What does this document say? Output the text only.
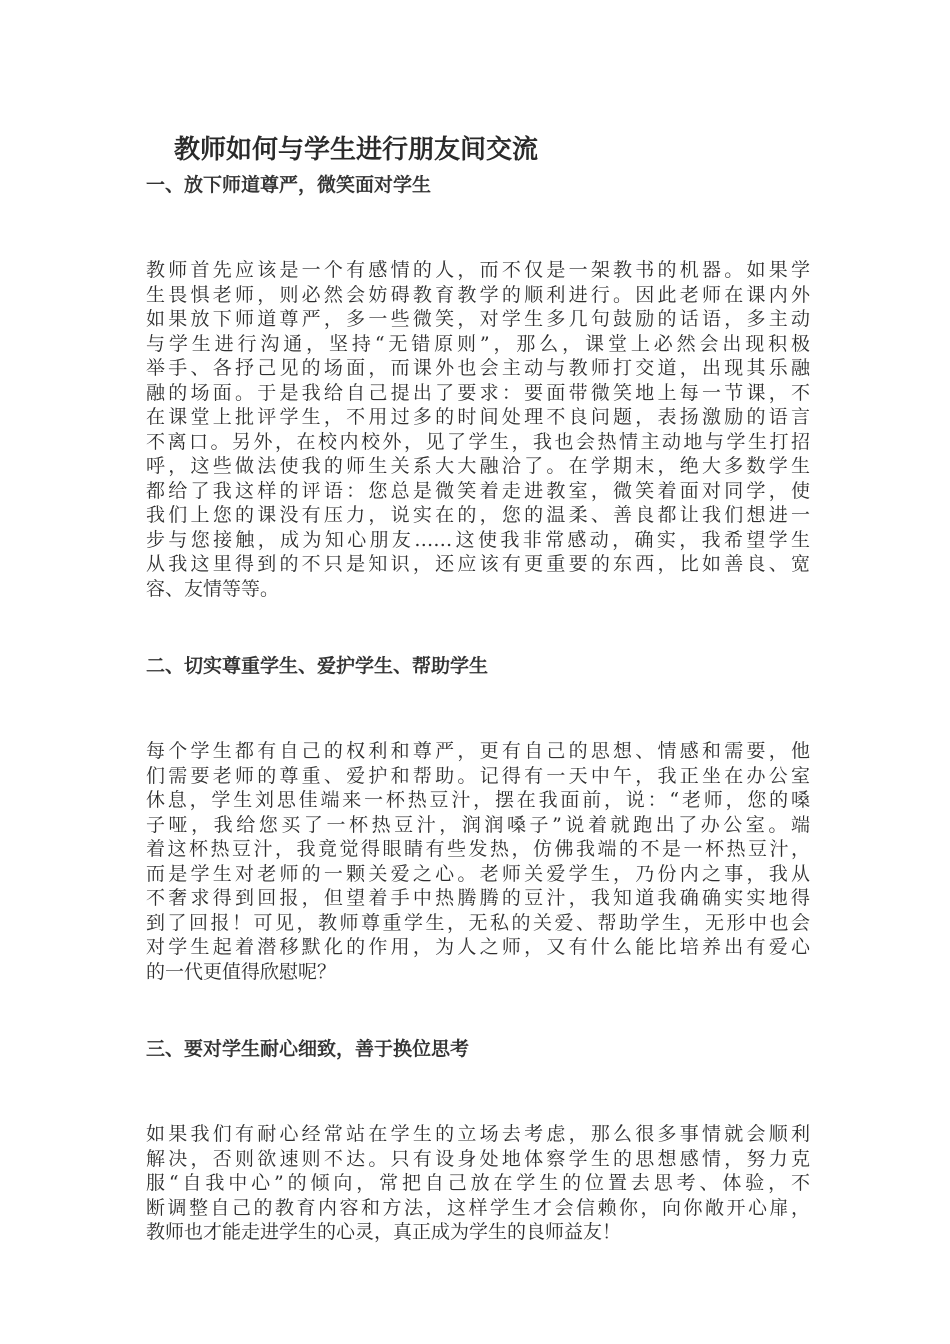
教师如何与学生进行朋友间交流
一、放下师道尊严，微笑面对学生
教师首先应该是一个有感情的人，而不仅是一架教书的机器。如果学
生畏惧老师，则必然会妨碍教育教学的顺利进行。因此老师在课内外
如果放下师道尊严，多一些微笑，对学生多几句鼓励的话语，多主动
与学生进行沟通，坚持“无错原则”，那么，课堂上必然会出现积极
举手、各抒己见的场面，而课外也会主动与教师打交道，出现其乐融
融的场面。于是我给自己提出了要求：要面带微笑地上每一节课，不
在课堂上批评学生，不用过多的时间处理不良问题，表扬激励的语言
不离口。另外，在校内校外，见了学生，我也会热情主动地与学生打招
呼，这些做法使我的师生关系大大融洽了。在学期末，绝大多数学生
都给了我这样的评语：您总是微笑着走进教室，微笑着面对同学，使
我们上您的课没有压力，说实在的，您的温柔、善良都让我们想进一
步与您接触，成为知心朋友……这使我非常感动，确实，我希望学生
从我这里得到的不只是知识，还应该有更重要的东西，比如善良、宽
容、友情等等。
二、切实尊重学生、爱护学生、帮助学生
每个学生都有自己的权利和尊严，更有自己的思想、情感和需要，他
们需要老师的尊重、爱护和帮助。记得有一天中午，我正坐在办公室
休息，学生刘思佳端来一杯热豆汁，摆在我面前，说：“老师，您的嗓
子哑，我给您买了一杯热豆汁，润润嗓子”说着就跑出了办公室。端
着这杯热豆汁，我竟觉得眼睛有些发热，仿佛我端的不是一杯热豆汁，
而是学生对老师的一颗关爱之心。老师关爱学生，乃份内之事，我从
不奢求得到回报，但望着手中热腾腾的豆汁，我知道我确确实实地得
到了回报！可见，教师尊重学生，无私的关爱、帮助学生，无形中也会
对学生起着潜移默化的作用，为人之师，又有什么能比培养出有爱心
的一代更值得欣慰呢？
三、要对学生耐心细致，善于换位思考
如果我们有耐心经常站在学生的立场去考虑，那么很多事情就会顺利
解决，否则欲速则不达。只有设身处地体察学生的思想感情，努力克
服“自我中心”的倾向，常把自己放在学生的位置去思考、体验，不
断调整自己的教育内容和方法，这样学生才会信赖你，向你敞开心扉，
教师也才能走进学生的心灵，真正成为学生的良师益友！
